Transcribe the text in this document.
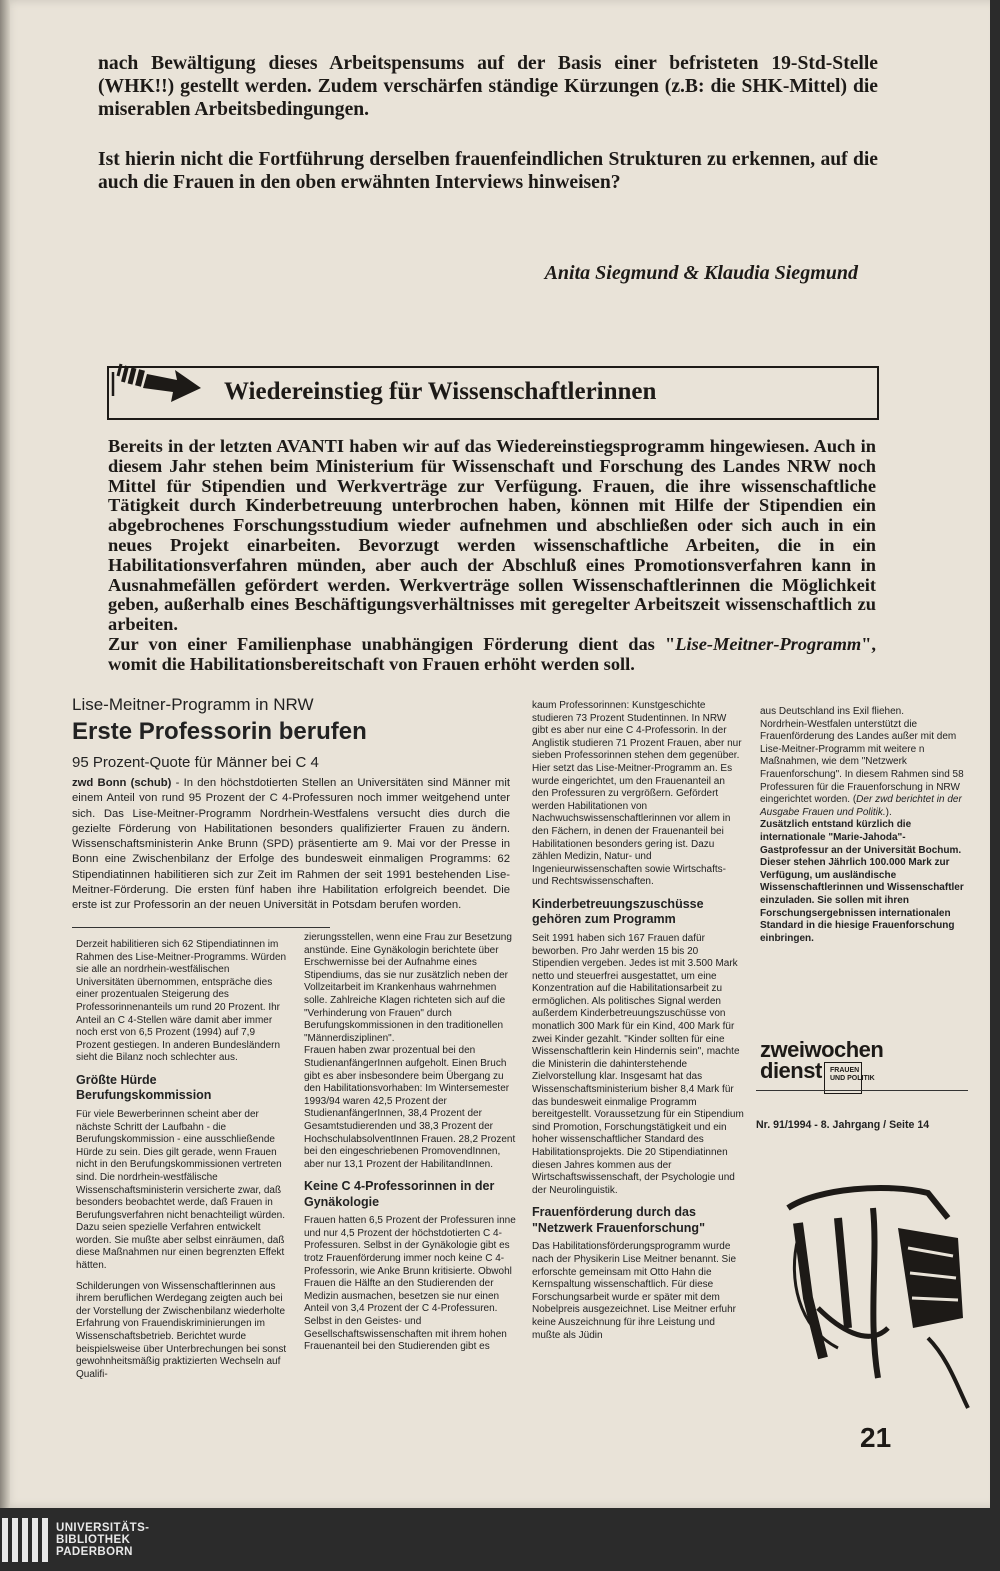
nach Bewältigung dieses Arbeitspensums auf der Basis einer befristeten 19-Std-Stelle (WHK!!) gestellt werden. Zudem verschärfen ständige Kürzungen (z.B: die SHK-Mittel) die miserablen Arbeitsbedingungen.

Ist hierin nicht die Fortführung derselben frauenfeindlichen Strukturen zu erkennen, auf die auch die Frauen in den oben erwähnten Interviews hinweisen?

Anita Siegmund & Klaudia Siegmund
Wiedereinstieg für Wissenschaftlerinnen

Bereits in der letzten AVANTI haben wir auf das Wiedereinstiegsprogramm hingewiesen. Auch in diesem Jahr stehen beim Ministerium für Wissenschaft und Forschung des Landes NRW noch Mittel für Stipendien und Werkverträge zur Verfügung. Frauen, die ihre wissenschaftliche Tätigkeit durch Kinderbetreuung unterbrochen haben, können mit Hilfe der Stipendien ein abgebrochenes Forschungsstudium wieder aufnehmen und abschließen oder sich auch in ein neues Projekt einarbeiten. Bevorzugt werden wissenschaftliche Arbeiten, die in ein Habilitationsverfahren münden, aber auch der Abschluß eines Promotionsverfahren kann in Ausnahmefällen gefördert werden. Werkverträge sollen Wissenschaftlerinnen die Möglichkeit geben, außerhalb eines Beschäftigungsverhältnisses mit geregelter Arbeitszeit wissenschaftlich zu arbeiten.

Zur von einer Familienphase unabhängigen Förderung dient das "Lise-Meitner-Programm", womit die Habilitationsbereitschaft von Frauen erhöht werden soll.

Lise-Meitner-Programm in NRW
Erste Professorin berufen
95 Prozent-Quote für Männer bei C 4
zwd Bonn (schub) - In den höchstdotierten Stellen an Universitäten sind Männer mit einem Anteil von rund 95 Prozent der C 4-Professuren noch immer weitgehend unter sich. Das Lise-Meitner-Programm Nordrhein-Westfalens versucht dies durch die gezielte Förderung von Habilitationen besonders qualifizierter Frauen zu ändern. Wissenschaftsministerin Anke Brunn (SPD) präsentierte am 9. Mai vor der Presse in Bonn eine Zwischenbilanz der Erfolge des bundesweit einmaligen Programms: 62 Stipendiatinnen habilitieren sich zur Zeit im Rahmen der seit 1991 bestehenden Lise-Meitner-Förderung. Die ersten fünf haben ihre Habilitation erfolgreich beendet. Die erste ist zur Professorin an der neuen Universität in Potsdam berufen worden.

Derzeit habilitieren sich 62 Stipendiatinnen im Rahmen des Lise-Meitner-Programms. Würden sie alle an nordrhein-westfälischen Universitäten übernommen, entspräche dies einer prozentualen Steigerung des Professorinnenanteils um rund 20 Prozent. Ihr Anteil an C 4-Stellen wäre damit aber immer noch erst von 6,5 Prozent (1994) auf 7,9 Prozent gestiegen. In anderen Bundesländern sieht die Bilanz noch schlechter aus.

Größte Hürde Berufungskommission

Für viele Bewerberinnen scheint aber der nächste Schritt der Laufbahn - die Berufungskommission - eine ausschließende Hürde zu sein. Dies gilt gerade, wenn Frauen nicht in den Berufungskommissionen vertreten sind. Die nordrhein-westfälische Wissenschaftsministerin versicherte zwar, daß besonders beobachtet werde, daß Frauen in Berufungsverfahren nicht benachteiligt würden. Dazu seien spezielle Verfahren entwickelt worden. Sie mußte aber selbst einräumen, daß diese Maßnahmen nur einen begrenzten Effekt hätten.

Schilderungen von Wissenschaftlerinnen aus ihrem beruflichen Werdegang zeigten auch bei der Vorstellung der Zwischenbilanz wiederholte Erfahrung von Frauendiskriminierungen im Wissenschaftsbetrieb. Berichtet wurde beispielsweise über Unterbrechungen bei sonst gewohnheitsmäßig praktizierten Wechseln auf Qualifi-

zierungsstellen, wenn eine Frau zur Besetzung anstünde. Eine Gynäkologin berichtete über Erschwernisse bei der Aufnahme eines Stipendiums, das sie nur zusätzlich neben der Vollzeitarbeit im Krankenhaus wahrnehmen solle. Zahlreiche Klagen richteten sich auf die "Verhinderung von Frauen" durch Berufungskommissionen in den traditionellen "Männerdisziplinen".

Frauen haben zwar prozentual bei den StudienanfängerInnen aufgeholt. Einen Bruch gibt es aber insbesondere beim Übergang zu den Habilitationsvorhaben: Im Wintersemester 1993/94 waren 42,5 Prozent der StudienanfängerInnen, 38,4 Prozent der Gesamtstudierenden und 38,3 Prozent der HochschulabsolventInnen Frauen. 28,2 Prozent bei den eingeschriebenen PromovendInnen, aber nur 13,1 Prozent der HabilitandInnen.

Keine C 4-Professorinnen in der Gynäkologie

Frauen hatten 6,5 Prozent der Professuren inne und nur 4,5 Prozent der höchstdotierten C 4-Professuren. Selbst in der Gynäkologie gibt es trotz Frauenförderung immer noch keine C 4-Professorin, wie Anke Brunn kritisierte. Obwohl Frauen die Hälfte an den Studierenden der Medizin ausmachen, besetzen sie nur einen Anteil von 3,4 Prozent der C 4-Professuren. Selbst in den Geistes- und Gesellschaftswissenschaften mit ihrem hohen Frauenanteil bei den Studierenden gibt es

kaum Professorinnen: Kunstgeschichte studieren 73 Prozent Studentinnen. In NRW gibt es aber nur eine C 4-Professorin. In der Anglistik studieren 71 Prozent Frauen, aber nur sieben Professorinnen stehen dem gegenüber.

Hier setzt das Lise-Meitner-Programm an. Es wurde eingerichtet, um den Frauenanteil an den Professuren zu vergrößern. Gefördert werden Habilitationen von Nachwuchswissenschaftlerinnen vor allem in den Fächern, in denen der Frauenanteil bei Habilitationen besonders gering ist. Dazu zählen Medizin, Natur- und Ingenieurwissenschaften sowie Wirtschafts- und Rechtswissenschaften.

Kinderbetreuungszuschüsse gehören zum Programm

Seit 1991 haben sich 167 Frauen dafür beworben. Pro Jahr werden 15 bis 20 Stipendien vergeben. Jedes ist mit 3.500 Mark netto und steuerfrei ausgestattet, um eine Konzentration auf die Habilitationsarbeit zu ermöglichen. Als politisches Signal werden außerdem Kinderbetreuungszuschüsse von monatlich 300 Mark für ein Kind, 400 Mark für zwei Kinder gezahlt. "Kinder sollten für eine Wissenschaftlerin kein Hindernis sein", machte die Ministerin die dahinterstehende Zielvorstellung klar. Insgesamt hat das Wissenschaftsministerium bisher 8,4 Mark für das bundesweit einmalige Programm bereitgestellt. Voraussetzung für ein Stipendium sind Promotion, Forschungstätigkeit und ein hoher wissenschaftlicher Standard des Habilitationsprojekts. Die 20 Stipendiatinnen diesen Jahres kommen aus der Wirtschaftswissenschaft, der Psychologie und der Neurolinguistik.

Frauenförderung durch das "Netzwerk Frauenforschung"

Das Habilitationsförderungsprogramm wurde nach der Physikerin Lise Meitner benannt. Sie erforschte gemeinsam mit Otto Hahn die Kernspaltung wissenschaftlich. Für diese Forschungsarbeit wurde er später mit dem Nobelpreis ausgezeichnet. Lise Meitner erfuhr keine Auszeichnung für ihre Leistung und mußte als Jüdin

aus Deutschland ins Exil fliehen.

Nordrhein-Westfalen unterstützt die Frauenförderung des Landes außer mit dem Lise-Meitner-Programm mit weitere n Maßnahmen, wie dem "Netzwerk Frauenforschung". In diesem Rahmen sind 58 Professuren für die Frauenforschung in NRW eingerichtet worden. (Der zwd berichtet in der Ausgabe Frauen und Politik.).

Zusätzlich entstand kürzlich die internationale "Marie-Jahoda"-Gastprofessur an der Universität Bochum. Dieser stehen Jährlich 100.000 Mark zur Verfügung, um ausländische Wissenschaftlerinnen und Wissenschaftler einzuladen. Sie sollen mit ihren Forschungsergebnissen internationalen Standard in die hiesige Frauenforschung einbringen.

zweiwochen
dienst FRAUEN
UND POLITIK
Nr. 91/1994 - 8. Jahrgang / Seite 14
21
UNIVERSITÄTS-
BIBLIOTHEK
PADERBORN
